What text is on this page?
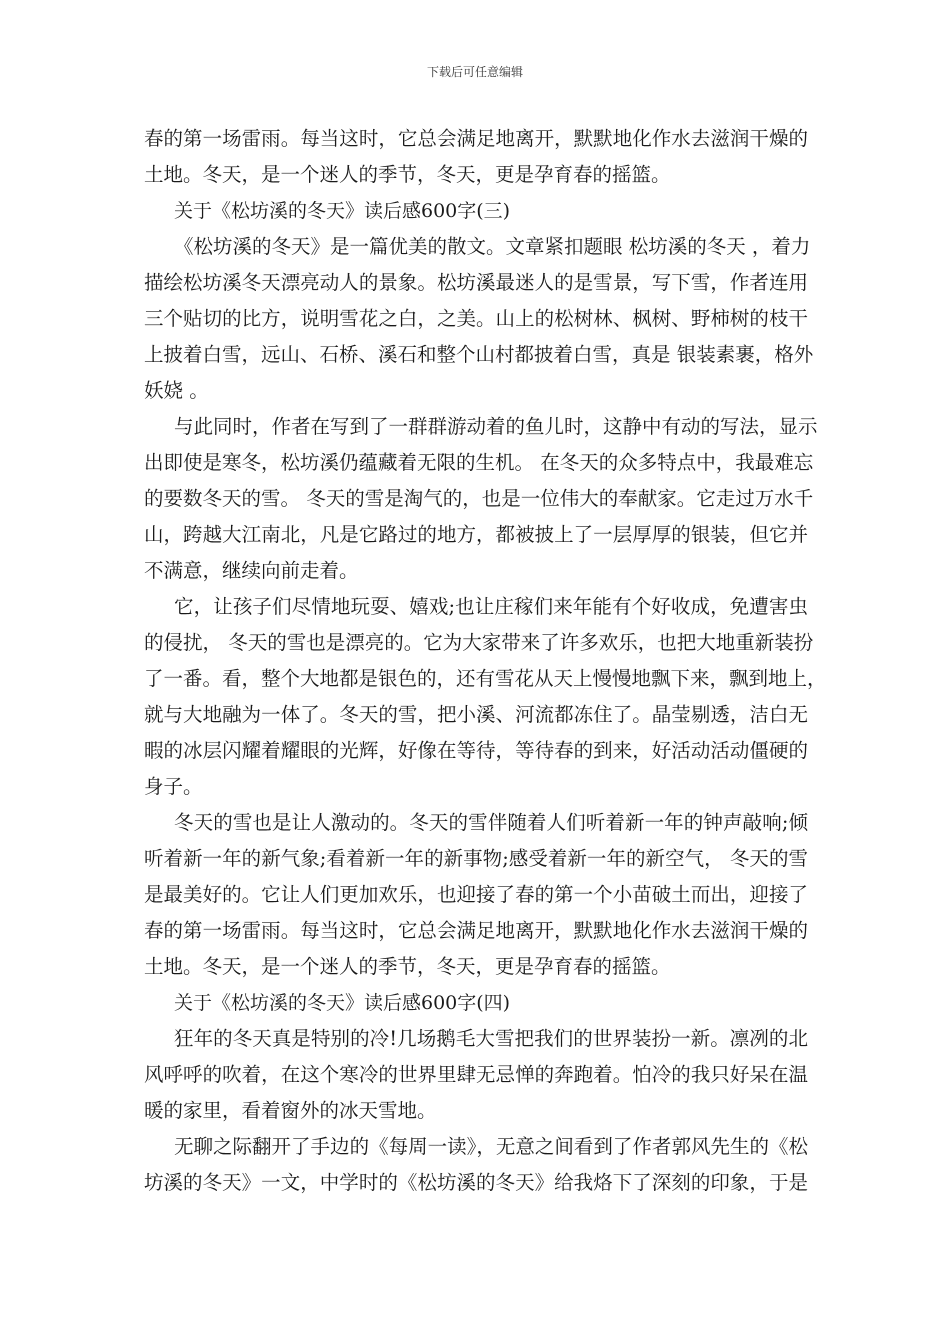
下载后可任意编辑
春的第一场雷雨。每当这时，它总会满足地离开，默默地化作水去滋润干燥的
土地。冬天，是一个迷人的季节，冬天，更是孕育春的摇篮。
关于《松坊溪的冬天》读后感600字(三)
《松坊溪的冬天》是一篇优美的散文。文章紧扣题眼 松坊溪的冬天 ，着力
描绘松坊溪冬天漂亮动人的景象。松坊溪最迷人的是雪景，写下雪，作者连用
三个贴切的比方，说明雪花之白，之美。山上的松树林、枫树、野柿树的枝干
上披着白雪，远山、石桥、溪石和整个山村都披着白雪，真是 银装素裹，格外
妖娆 。
与此同时，作者在写到了一群群游动着的鱼儿时，这静中有动的写法，显示
出即使是寒冬，松坊溪仍蕴藏着无限的生机。 在冬天的众多特点中，我最难忘
的要数冬天的雪。 冬天的雪是淘气的，也是一位伟大的奉献家。它走过万水千
山，跨越大江南北，凡是它路过的地方，都被披上了一层厚厚的银装，但它并
不满意，继续向前走着。
它，让孩子们尽情地玩耍、嬉戏;也让庄稼们来年能有个好收成，免遭害虫
的侵扰， 冬天的雪也是漂亮的。它为大家带来了许多欢乐，也把大地重新装扮
了一番。看，整个大地都是银色的，还有雪花从天上慢慢地飘下来，飘到地上，
就与大地融为一体了。冬天的雪，把小溪、河流都冻住了。晶莹剔透，洁白无
暇的冰层闪耀着耀眼的光辉，好像在等待，等待春的到来，好活动活动僵硬的
身子。
冬天的雪也是让人激动的。冬天的雪伴随着人们听着新一年的钟声敲响;倾
听着新一年的新气象;看着新一年的新事物;感受着新一年的新空气， 冬天的雪
是最美好的。它让人们更加欢乐，也迎接了春的第一个小苗破土而出，迎接了
春的第一场雷雨。每当这时，它总会满足地离开，默默地化作水去滋润干燥的
土地。冬天，是一个迷人的季节，冬天，更是孕育春的摇篮。
关于《松坊溪的冬天》读后感600字(四)
狂年的冬天真是特别的冷!几场鹅毛大雪把我们的世界装扮一新。凛冽的北
风呼呼的吹着，在这个寒冷的世界里肆无忌惮的奔跑着。怕冷的我只好呆在温
暖的家里，看着窗外的冰天雪地。
无聊之际翻开了手边的《每周一读》，无意之间看到了作者郭风先生的《松
坊溪的冬天》一文，中学时的《松坊溪的冬天》给我烙下了深刻的印象，于是
